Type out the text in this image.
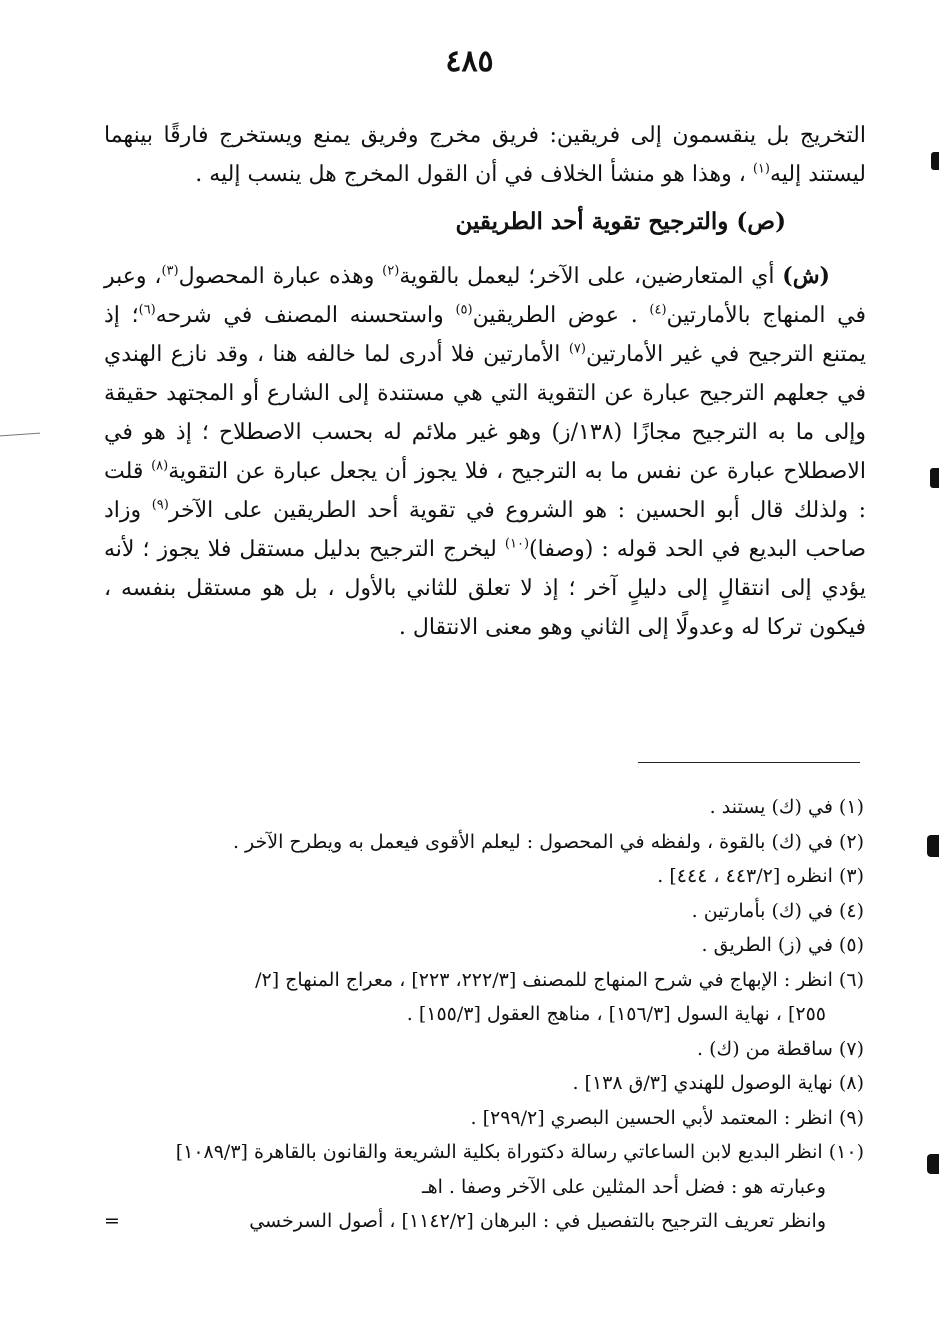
٤٨٥

التخريج بل ينقسمون إلى فريقين: فريق مخرج وفريق يمنع ويستخرج فارقًا بينهما ليستند إليه$^{(١)}$ ، وهذا هو منشأ الخلاف في أن القول المخرج هل ينسب إليه .

(ص) والترجيح تقوية أحد الطريقين

(ش) أي المتعارضين، على الآخر؛ ليعمل بالقوية$^{(٢)}$ وهذه عبارة المحصول$^{(٣)}$، وعبر في المنهاج بالأمارتين$^{(٤)}$ . عوض الطريقين$^{(٥)}$ واستحسنه المصنف في شرحه$^{(٦)}$؛ إذ يمتنع الترجيح في غير الأمارتين$^{(٧)}$ الأمارتين فلا أدرى لما خالفه هنا ، وقد نازع الهندي في جعلهم الترجيح عبارة عن التقوية التي هي مستندة إلى الشارع أو المجتهد حقيقة وإلى ما به الترجيح مجازًا (١٣٨/ز) وهو غير ملائم له بحسب الاصطلاح ؛ إذ هو في الاصطلاح عبارة عن نفس ما به الترجيح ، فلا يجوز أن يجعل عبارة عن التقوية$^{(٨)}$ قلت : ولذلك قال أبو الحسين : هو الشروع في تقوية أحد الطريقين على الآخر$^{(٩)}$ وزاد صاحب البديع في الحد قوله : (وصفا)$^{(١٠)}$ ليخرج الترجيح بدليل مستقل فلا يجوز ؛ لأنه يؤدي إلى انتقالٍ إلى دليلٍ آخر ؛ إذ لا تعلق للثاني بالأول ، بل هو مستقل بنفسه ، فيكون تركا له وعدولًا إلى الثاني وهو معنى الانتقال .

(١) في (ك) يستند .
(٢) في (ك) بالقوة ، ولفظه في المحصول : ليعلم الأقوى فيعمل به ويطرح الآخر .
(٣) انظره [٤٤٣/٢ ، ٤٤٤] .
(٤) في (ك) بأمارتين .
(٥) في (ز) الطريق .
(٦) انظر : الإبهاج في شرح المنهاج للمصنف [٢٢٢/٣، ٢٢٣] ، معراج المنهاج [٢/
٢٥٥] ، نهاية السول [١٥٦/٣] ، مناهج العقول [١٥٥/٣] .
(٧) ساقطة من (ك) .
(٨) نهاية الوصول للهندي [٣/ق ١٣٨] .
(٩) انظر : المعتمد لأبي الحسين البصري [٢٩٩/٢] .
(١٠) انظر البديع لابن الساعاتي رسالة دكتوراة بكلية الشريعة والقانون بالقاهرة [١٠٨٩/٣]
وعبارته هو : فضل أحد المثلين على الآخر وصفا . اهـ
وانظر تعريف الترجيح بالتفصيل في : البرهان [١١٤٢/٢] ، أصول السرخسي
=
